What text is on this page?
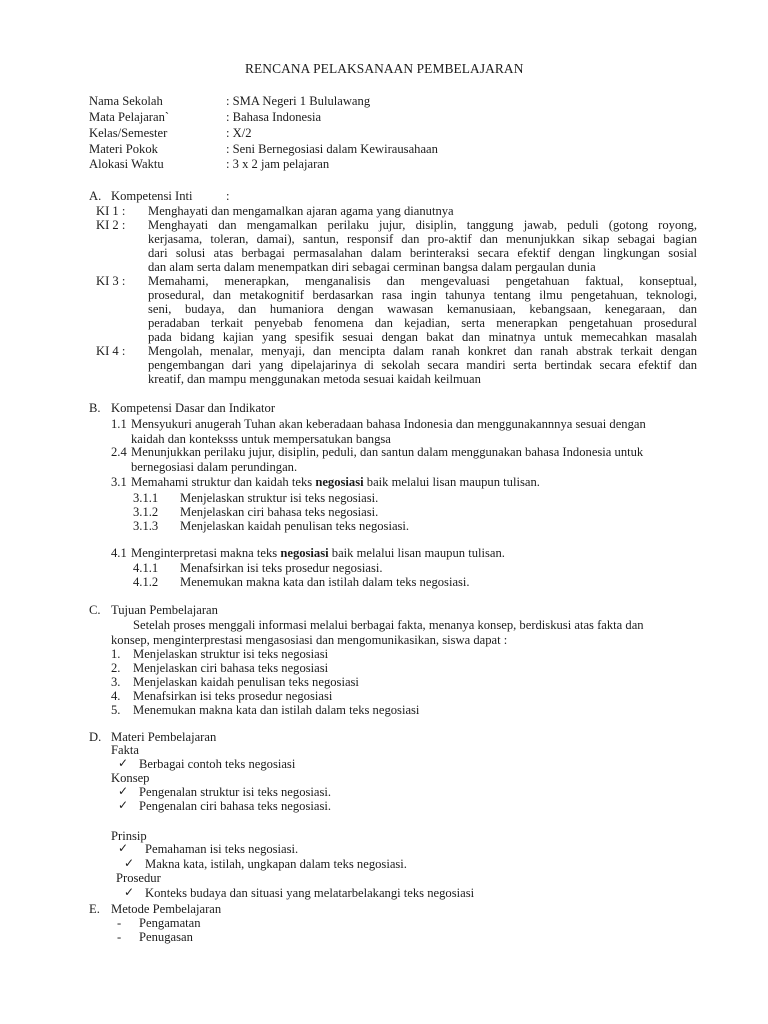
RENCANA PELAKSANAAN PEMBELAJARAN
Nama Sekolah	: SMA Negeri 1 Bululawang
Mata Pelajaran`	: Bahasa Indonesia
Kelas/Semester	: X/2
Materi Pokok	: Seni Bernegosiasi dalam Kewirausahaan
Alokasi Waktu	: 3 x 2 jam pelajaran
A. Kompetensi Inti	:
KI 1 : Menghayati dan mengamalkan ajaran agama yang dianutnya
KI 2 : Menghayati dan mengamalkan perilaku jujur, disiplin, tanggung jawab, peduli (gotong royong,
kerjasama, toleran, damai), santun, responsif dan pro-aktif dan menunjukkan sikap sebagai bagian
dari solusi atas berbagai permasalahan dalam berinteraksi secara efektif dengan lingkungan sosial
dan alam serta dalam menempatkan diri sebagai cerminan bangsa dalam pergaulan dunia
KI 3 : Memahami, menerapkan, menganalisis dan mengevaluasi pengetahuan faktual, konseptual,
prosedural, dan metakognitif berdasarkan rasa ingin tahunya tentang ilmu pengetahuan, teknologi,
seni, budaya, dan humaniora dengan wawasan kemanusiaan, kebangsaan, kenegaraan, dan
peradaban terkait penyebab fenomena dan kejadian, serta menerapkan pengetahuan prosedural
pada bidang kajian yang spesifik sesuai dengan bakat dan minatnya untuk memecahkan masalah
KI 4 : Mengolah, menalar, menyaji, dan mencipta dalam ranah konkret dan ranah abstrak terkait dengan
pengembangan dari yang dipelajarinya di sekolah secara mandiri serta bertindak secara efektif dan
kreatif, dan mampu menggunakan metoda sesuai kaidah keilmuan
B. Kompetensi Dasar dan Indikator
1.1 Mensyukuri anugerah Tuhan akan keberadaan bahasa Indonesia dan menggunakannnya sesuai dengan
kaidah dan konteksss untuk mempersatukan bangsa
2.4 Menunjukkan perilaku jujur, disiplin, peduli, dan santun dalam menggunakan bahasa Indonesia untuk
bernegosiasi dalam perundingan.
3.1 Memahami struktur dan kaidah teks negosiasi baik melalui lisan maupun tulisan.
3.1.1 Menjelaskan struktur isi teks negosiasi.
3.1.2 Menjelaskan ciri bahasa teks negosiasi.
3.1.3 Menjelaskan kaidah penulisan teks negosiasi.
4.1 Menginterpretasi makna teks negosiasi baik melalui lisan maupun tulisan.
4.1.1 Menafsirkan isi teks prosedur negosiasi.
4.1.2 Menemukan makna kata dan istilah dalam teks negosiasi.
C. Tujuan Pembelajaran
Setelah proses menggali informasi melalui berbagai fakta, menanya konsep, berdiskusi atas fakta dan
konsep, menginterprestasi mengasosiasi dan mengomunikasikan, siswa dapat :
1. Menjelaskan struktur isi teks negosiasi
2. Menjelaskan ciri bahasa teks negosiasi
3. Menjelaskan kaidah penulisan teks negosiasi
4. Menafsirkan isi teks prosedur negosiasi
5. Menemukan makna kata dan istilah dalam teks negosiasi
D. Materi Pembelajaran
Fakta
✓ Berbagai contoh teks negosiasi
Konsep
✓ Pengenalan struktur isi teks negosiasi.
✓ Pengenalan ciri bahasa teks negosiasi.
Prinsip
✓ Pemahaman isi teks negosiasi.
✓ Makna kata, istilah, ungkapan dalam teks negosiasi.
Prosedur
✓ Konteks budaya dan situasi yang melatarbelakangi teks negosiasi
E. Metode Pembelajaran
- Pengamatan
- Penugasan
